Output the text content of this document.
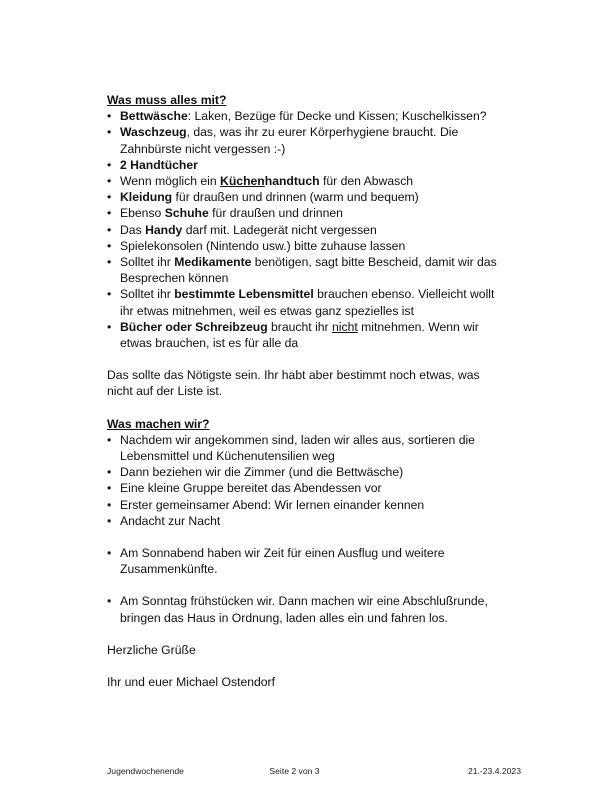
Was muss alles mit?

• Bettwäsche: Laken, Bezüge für Decke und Kissen; Kuschelkissen?
• Waschzeug, das, was ihr zu eurer Körperhygiene braucht. Die Zahnbürste nicht vergessen :-)
• 2 Handtücher
• Wenn möglich ein Küchenhandtuch für den Abwasch
• Kleidung für draußen und drinnen (warm und bequem)
• Ebenso Schuhe für draußen und drinnen
• Das Handy darf mit. Ladegerät nicht vergessen
• Spielekonsolen (Nintendo usw.) bitte zuhause lassen
• Solltet ihr Medikamente benötigen, sagt bitte Bescheid, damit wir das Besprechen können
• Solltet ihr bestimmte Lebensmittel brauchen ebenso. Vielleicht wollt ihr etwas mitnehmen, weil es etwas ganz spezielles ist
• Bücher oder Schreibzeug braucht ihr nicht mitnehmen. Wenn wir etwas brauchen, ist es für alle da

Das sollte das Nötigste sein. Ihr habt aber bestimmt noch etwas, was nicht auf der Liste ist.

Was machen wir?

• Nachdem wir angekommen sind, laden wir alles aus, sortieren die Lebensmittel und Küchenutensilien weg
• Dann beziehen wir die Zimmer (und die Bettwäsche)
• Eine kleine Gruppe bereitet das Abendessen vor
• Erster gemeinsamer Abend: Wir lernen einander kennen
• Andacht zur Nacht
• Am Sonnabend haben wir Zeit für einen Ausflug und weitere Zusammenkünfte.
• Am Sonntag frühstücken wir. Dann machen wir eine Abschlußrunde, bringen das Haus in Ordnung, laden alles ein und fahren los.

Herzliche Grüße

Ihr und euer Michael Ostendorf

Jugendwochenende	Seite 2 von 3	21.-23.4.2023
